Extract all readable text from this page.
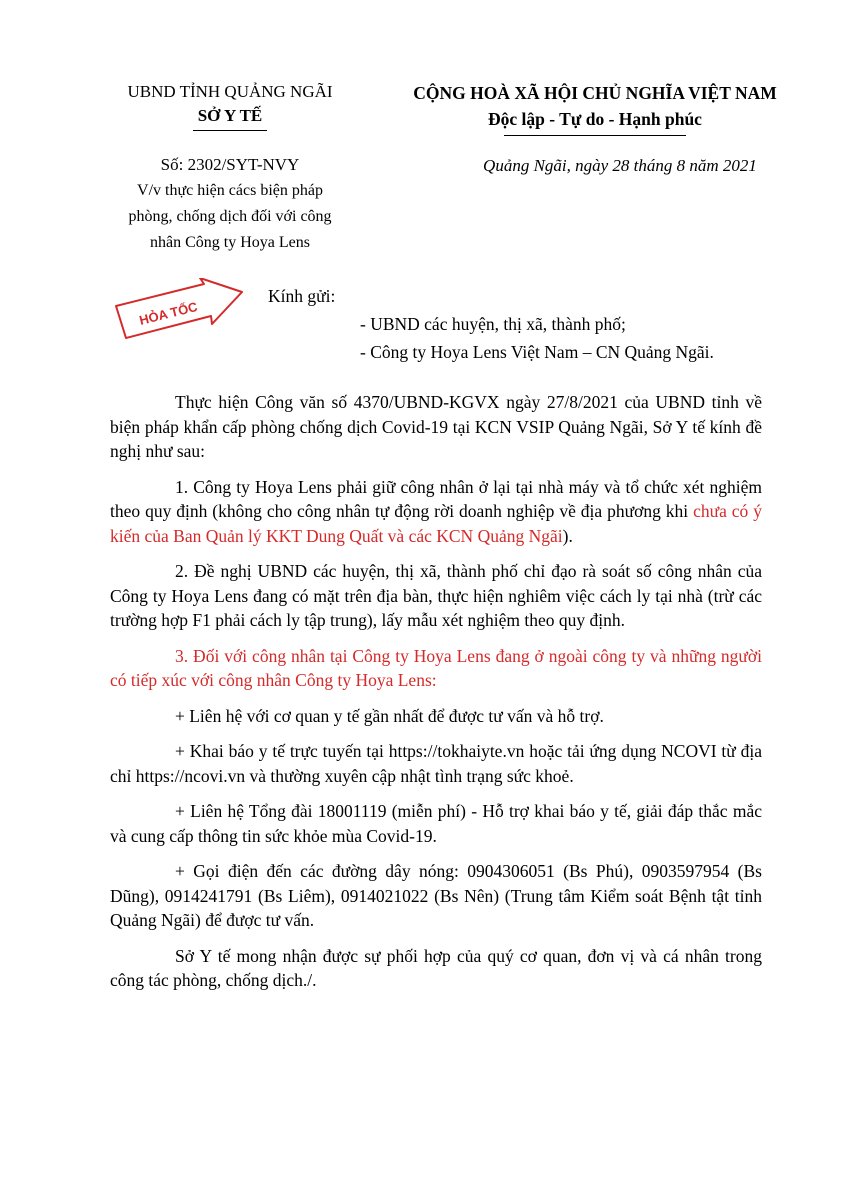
UBND TỈNH QUẢNG NGÃI
SỞ Y TẾ
CỘNG HOÀ XÃ HỘI CHỦ NGHĨA VIỆT NAM
Độc lập - Tự do - Hạnh phúc
Số: 2302/SYT-NVY
V/v thực hiện cács biện pháp
phòng, chống dịch đối với công
nhân Công ty Hoya Lens
Quảng Ngãi, ngày 28 tháng 8 năm 2021
HỎA TỐC
Kính gửi:
- UBND các huyện, thị xã, thành phố;
- Công ty Hoya Lens Việt Nam – CN Quảng Ngãi.

Thực hiện Công văn số 4370/UBND-KGVX ngày 27/8/2021 của UBND tỉnh về biện pháp khẩn cấp phòng chống dịch Covid-19 tại KCN VSIP Quảng Ngãi, Sở Y tế kính đề nghị như sau:

1. Công ty Hoya Lens phải giữ công nhân ở lại tại nhà máy và tổ chức xét nghiệm theo quy định (không cho công nhân tự động rời doanh nghiệp về địa phương khi chưa có ý kiến của Ban Quản lý KKT Dung Quất và các KCN Quảng Ngãi).

2. Đề nghị UBND các huyện, thị xã, thành phố chỉ đạo rà soát số công nhân của Công ty Hoya Lens đang có mặt trên địa bàn, thực hiện nghiêm việc cách ly tại nhà (trừ các trường hợp F1 phải cách ly tập trung), lấy mẫu xét nghiệm theo quy định.

3. Đối với công nhân tại Công ty Hoya Lens đang ở ngoài công ty và những người có tiếp xúc với công nhân Công ty Hoya Lens:

+ Liên hệ với cơ quan y tế gần nhất để được tư vấn và hỗ trợ.

+ Khai báo y tế trực tuyến tại https://tokhaiyte.vn hoặc tải ứng dụng NCOVI từ địa chỉ https://ncovi.vn và thường xuyên cập nhật tình trạng sức khoẻ.

+ Liên hệ Tổng đài 18001119 (miễn phí) - Hỗ trợ khai báo y tế, giải đáp thắc mắc và cung cấp thông tin sức khỏe mùa Covid-19.

+ Gọi điện đến các đường dây nóng: 0904306051 (Bs Phú), 0903597954 (Bs Dũng), 0914241791 (Bs Liêm), 0914021022 (Bs Nên) (Trung tâm Kiểm soát Bệnh tật tỉnh Quảng Ngãi) để được tư vấn.

Sở Y tế mong nhận được sự phối hợp của quý cơ quan, đơn vị và cá nhân trong công tác phòng, chống dịch./.
